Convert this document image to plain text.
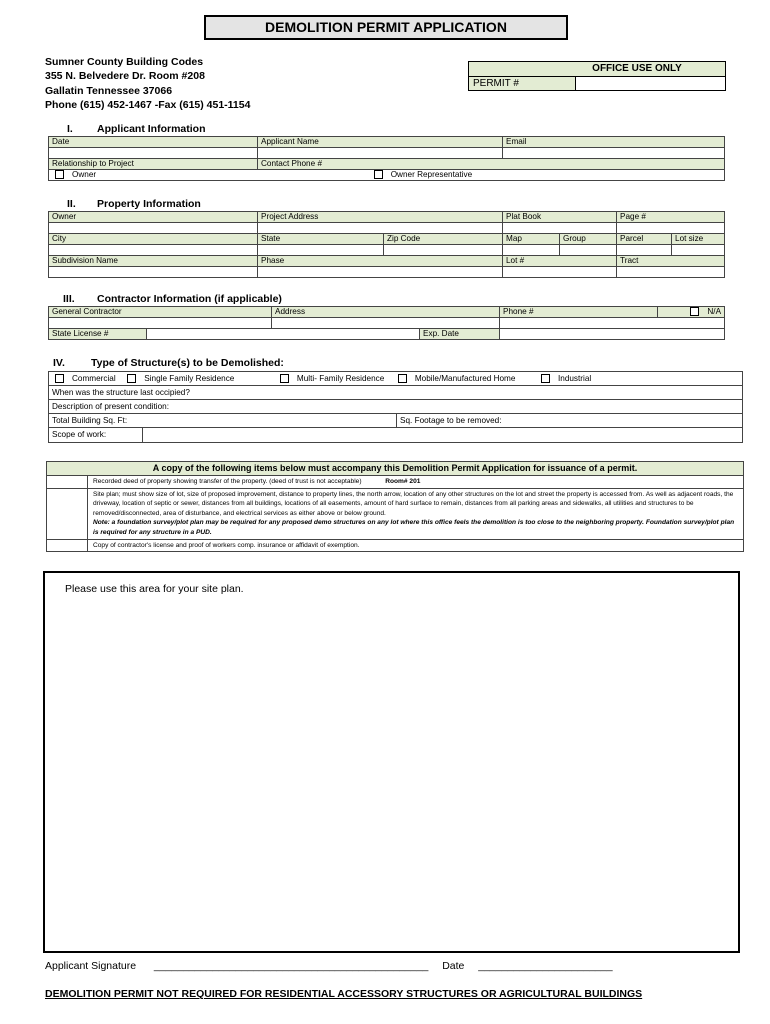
DEMOLITION PERMIT APPLICATION
Sumner County Building Codes
355 N. Belvedere Dr. Room #208
Gallatin Tennessee 37066
Phone (615) 452-1467 -Fax (615) 451-1154
OFFICE USE ONLY
PERMIT #
I. Applicant Information
Date	Applicant Name	Email

Relationship to Project	Contact Phone #	
Owner Owner Representative		
II. Property Information
Owner	Project Address		Plat Book		Page #	

City	State	Zip Code	Map	Group	Parcel	Lot size

Subdivision Name	Phase		Lot #		Tract	

III. Contractor Information (if applicable)
General Contractor		Address		Phone #	N/A

State License #			Exp. Date		
IV. Type of Structure(s) to be Demolished:
Commercial Single Family Residence Multi- Family Residence Mobile/Manufactured Home Industrial		
When was the structure last occipied?		
Description of present condition:		
Total Building Sq. Ft:		Sq. Footage to be removed:
Scope of work:		
A copy of the following items below must accompany this Demolition Permit Application for issuance of a permit.
Recorded deed of property showing transfer of the property. (deed of trust is not acceptable)	Room# 201
Site plan; must show size of lot, size of proposed improvement, distance to property lines, the north arrow, location of any other structures on the lot and street the property is accessed from. As well as adjacent roads, the driveway, location of septic or sewer, distances from all buildings, locations of all easements, amount of hard surface to remain, distances from all parking areas and sidewalks, all utilities and structures to be removed/disconnected, area of disturbance, and electrical services as either above or below ground.
Note: a foundation survey/plot plan may be required for any proposed demo structures on any lot where this office feels the demolition is too close to the neighboring property. Foundation survey/plot plan is required for any structure in a PUD.
Copy of contractor's license and proof of workers comp. insurance or affidavit of exemption.
Please use this area for your site plan.
Applicant Signature _______________________________________________ Date _______________________
DEMOLITION PERMIT NOT REQUIRED FOR RESIDENTIAL ACCESSORY STRUCTURES OR AGRICULTURAL BUILDINGS
